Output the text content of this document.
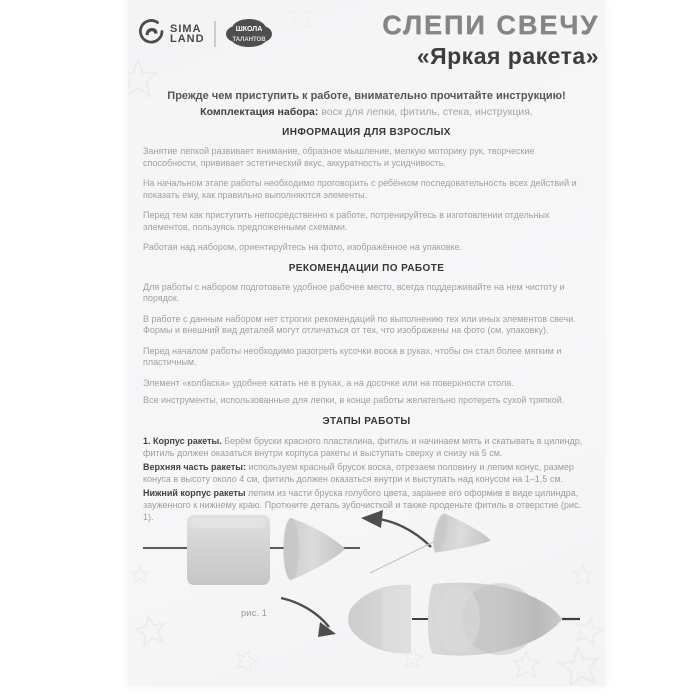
SIMA
LAND
ШКОЛА
ТАЛАНТОВ	СЛЕПИ СВЕЧУ
«Яркая ракета»
Прежде чем приступить к работе, внимательно прочитайте инструкцию!
Комплектация набора: воск для лепки, фитиль, стека, инструкция.
ИНФОРМАЦИЯ ДЛЯ ВЗРОСЛЫХ

Занятие лепкой развивает внимание, образное мышление, мелкую моторику рук, творческие способности, прививает эстетический вкус, аккуратность и усидчивость.

На начальном этапе работы необходимо проговорить с ребёнком последовательность всех действий и показать ему, как правильно выполняются элементы.

Перед тем как приступить непосредственно к работе, потренируйтесь в изготовлении отдельных элементов, пользуясь предложенными схемами.

Работая над набором, ориентируйтесь на фото, изображённое на упаковке.

РЕКОМЕНДАЦИИ ПО РАБОТЕ

Для работы с набором подготовьте удобное рабочее место, всегда поддерживайте на нем чистоту и порядок.

В работе с данным набором нет строгих рекомендаций по выполнению тех или иных элементов свечи. Формы и внешний вид деталей могут отличаться от тех, что изображены на фото (см. упаковку).

Перед началом работы необходимо разогреть кусочки воска в руках, чтобы он стал более мягким и пластичным.

Элемент «колбаска» удобнее катать не в руках, а на досочке или на поверхности стола.

Все инструменты, использованные для лепки, в конце работы желательно протереть сухой тряпкой.

ЭТАПЫ РАБОТЫ

1. Корпус ракеты. Берём бруски красного пластилина, фитиль и начинаем мять и скатывать в цилиндр, фитиль должен оказаться внутри корпуса ракеты и выступать сверху и снизу на 5 см.

Верхняя часть ракеты: используем красный брусок воска, отрезаем половину и лепим конус, размер конуса в высоту около 4 см, фитиль должен оказаться внутри и выступать над конусом на 1–1,5 см.

Нижний корпус ракеты лепим из части бруска голубого цвета, заранее его оформив в виде цилиндра, зауженного к нижнему краю. Проткните деталь зубочисткой и также проденьте фитиль в отверстие (рис. 1).

рис. 1
